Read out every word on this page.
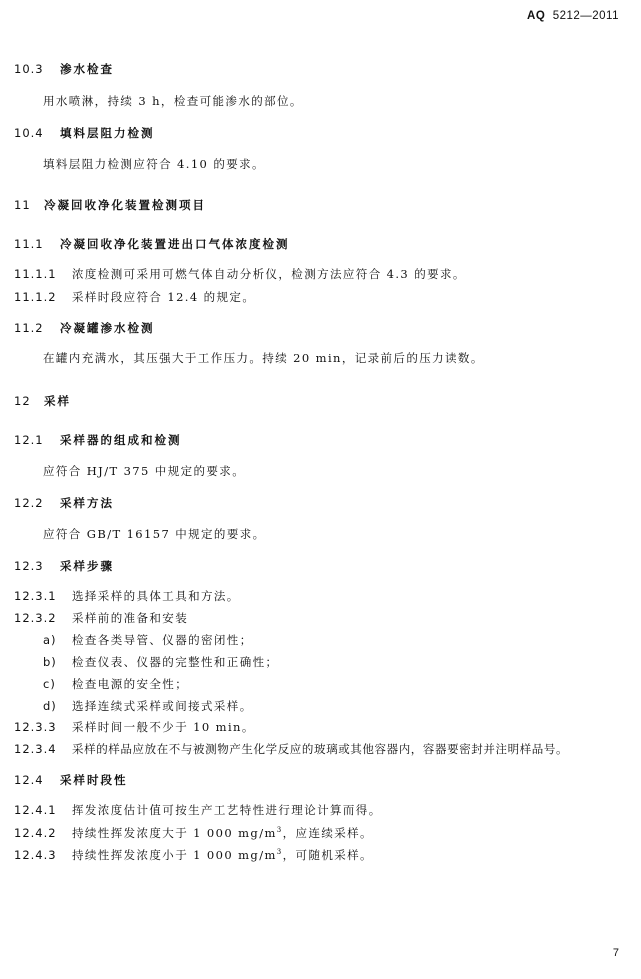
AQ 5212—2011
10.3 渗水检查
用水喷淋，持续 3 h，检查可能渗水的部位。
10.4 填料层阻力检测
填料层阻力检测应符合 4.10 的要求。
11 冷凝回收净化装置检测项目
11.1 冷凝回收净化装置进出口气体浓度检测
11.1.1 浓度检测可采用可燃气体自动分析仪，检测方法应符合 4.3 的要求。
11.1.2 采样时段应符合 12.4 的规定。
11.2 冷凝罐渗水检测
在罐内充满水，其压强大于工作压力。持续 20 min，记录前后的压力读数。
12 采样
12.1 采样器的组成和检测
应符合 HJ/T 375 中规定的要求。
12.2 采样方法
应符合 GB/T 16157 中规定的要求。
12.3 采样步骤
12.3.1 选择采样的具体工具和方法。
12.3.2 采样前的准备和安装
a) 检查各类导管、仪器的密闭性；
b) 检查仪表、仪器的完整性和正确性；
c) 检查电源的安全性；
d) 选择连续式采样或间接式采样。
12.3.3 采样时间一般不少于 10 min。
12.3.4 采样的样品应放在不与被测物产生化学反应的玻璃或其他容器内，容器要密封并注明样品号。
12.4 采样时段性
12.4.1 挥发浓度估计值可按生产工艺特性进行理论计算而得。
12.4.2 持续性挥发浓度大于 1 000 $mg/m^3$，应连续采样。
12.4.3 持续性挥发浓度小于 1 000 $mg/m^3$，可随机采样。
7
